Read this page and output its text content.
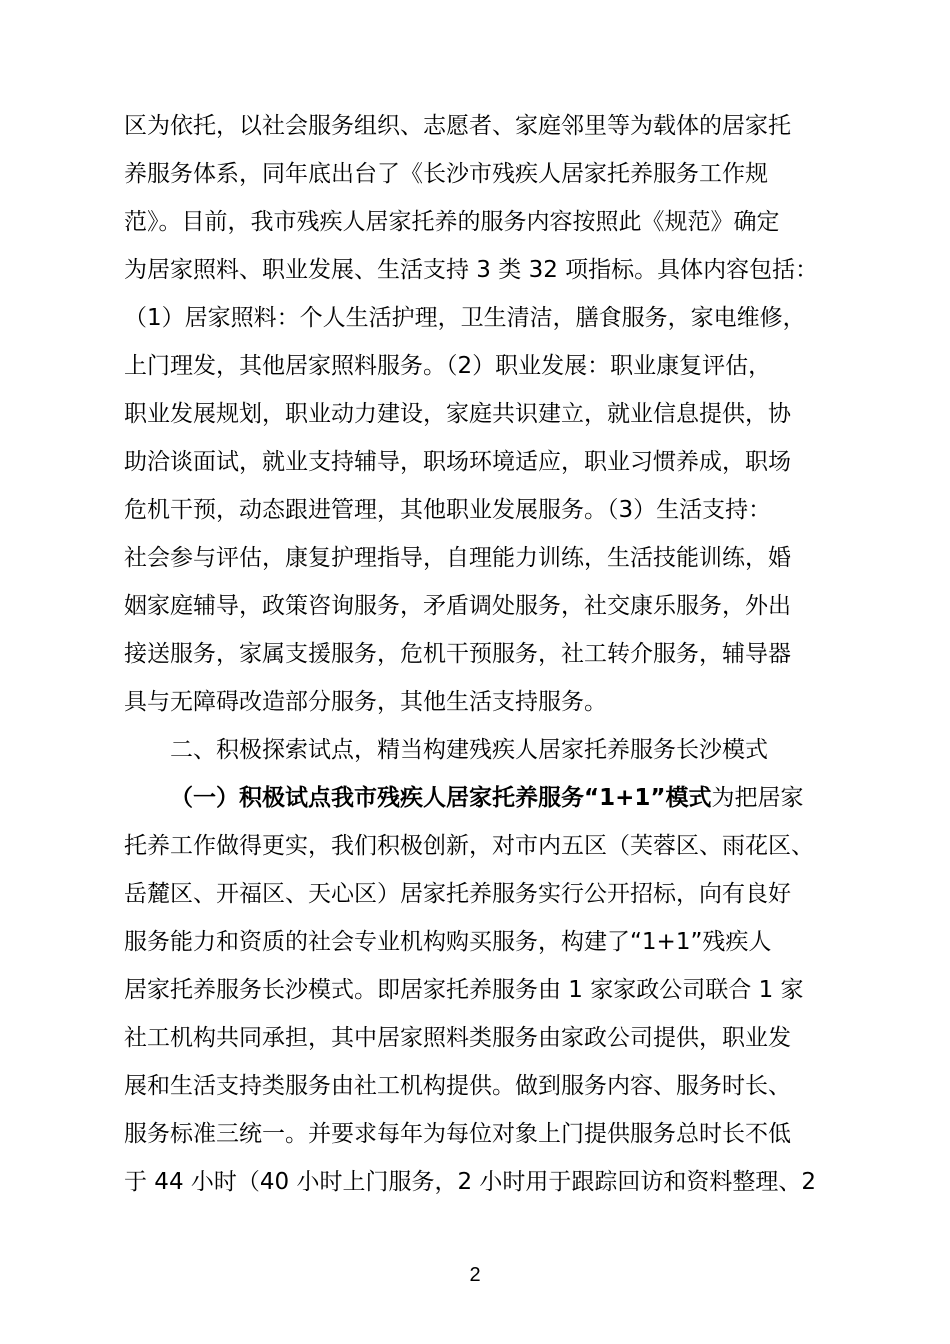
区为依托，以社会服务组织、志愿者、家庭邻里等为载体的居家托
养服务体系，同年底出台了《长沙市残疾人居家托养服务工作规
范》。目前，我市残疾人居家托养的服务内容按照此《规范》确定
为居家照料、职业发展、生活支持 3 类 32 项指标。具体内容包括：
（1）居家照料：个人生活护理，卫生清洁，膳食服务，家电维修，
上门理发，其他居家照料服务。（2）职业发展：职业康复评估，
职业发展规划，职业动力建设，家庭共识建立，就业信息提供，协
助洽谈面试，就业支持辅导，职场环境适应，职业习惯养成，职场
危机干预，动态跟进管理，其他职业发展服务。（3）生活支持：
社会参与评估，康复护理指导，自理能力训练，生活技能训练，婚
姻家庭辅导，政策咨询服务，矛盾调处服务，社交康乐服务，外出
接送服务，家属支援服务，危机干预服务，社工转介服务，辅导器
具与无障碍改造部分服务，其他生活支持服务。
二、积极探索试点，精当构建残疾人居家托养服务长沙模式
（一）积极试点我市残疾人居家托养服务“1+1”模式为把居家
托养工作做得更实，我们积极创新，对市内五区（芙蓉区、雨花区、
岳麓区、开福区、天心区）居家托养服务实行公开招标，向有良好
服务能力和资质的社会专业机构购买服务，构建了“1+1”残疾人
居家托养服务长沙模式。即居家托养服务由 1 家家政公司联合 1 家
社工机构共同承担，其中居家照料类服务由家政公司提供，职业发
展和生活支持类服务由社工机构提供。做到服务内容、服务时长、
服务标准三统一。并要求每年为每位对象上门提供服务总时长不低
于 44 小时（40 小时上门服务，2 小时用于跟踪回访和资料整理、2
2
